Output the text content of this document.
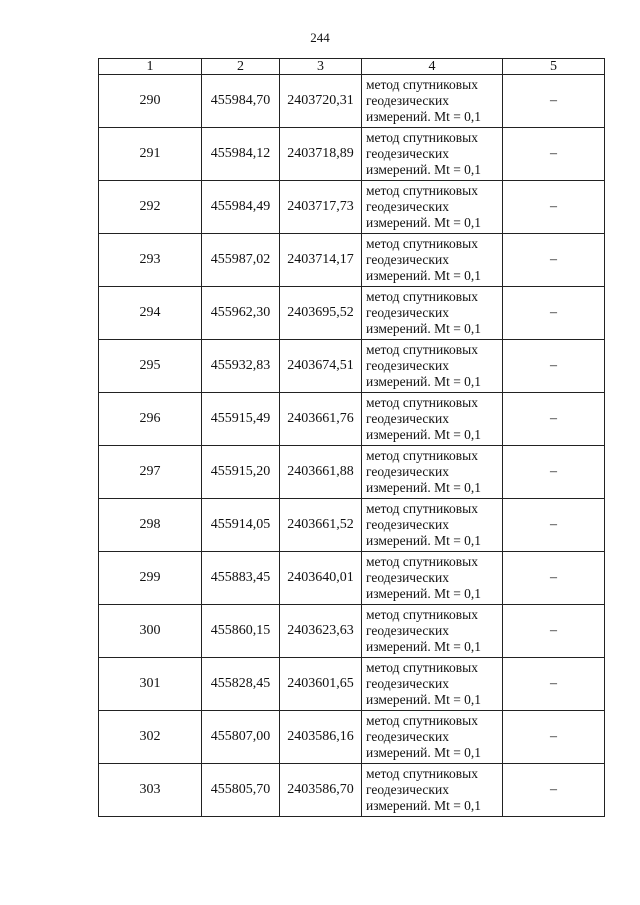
244
1	2	3	4	5
290	455984,70	2403720,31	метод спутниковых геодезических измерений. Mt = 0,1	–
291	455984,12	2403718,89	метод спутниковых геодезических измерений. Mt = 0,1	–
292	455984,49	2403717,73	метод спутниковых геодезических измерений. Mt = 0,1	–
293	455987,02	2403714,17	метод спутниковых геодезических измерений. Mt = 0,1	–
294	455962,30	2403695,52	метод спутниковых геодезических измерений. Mt = 0,1	–
295	455932,83	2403674,51	метод спутниковых геодезических измерений. Mt = 0,1	–
296	455915,49	2403661,76	метод спутниковых геодезических измерений. Mt = 0,1	–
297	455915,20	2403661,88	метод спутниковых геодезических измерений. Mt = 0,1	–
298	455914,05	2403661,52	метод спутниковых геодезических измерений. Mt = 0,1	–
299	455883,45	2403640,01	метод спутниковых геодезических измерений. Mt = 0,1	–
300	455860,15	2403623,63	метод спутниковых геодезических измерений. Mt = 0,1	–
301	455828,45	2403601,65	метод спутниковых геодезических измерений. Mt = 0,1	–
302	455807,00	2403586,16	метод спутниковых геодезических измерений. Mt = 0,1	–
303	455805,70	2403586,70	метод спутниковых геодезических измерений. Mt = 0,1	–
